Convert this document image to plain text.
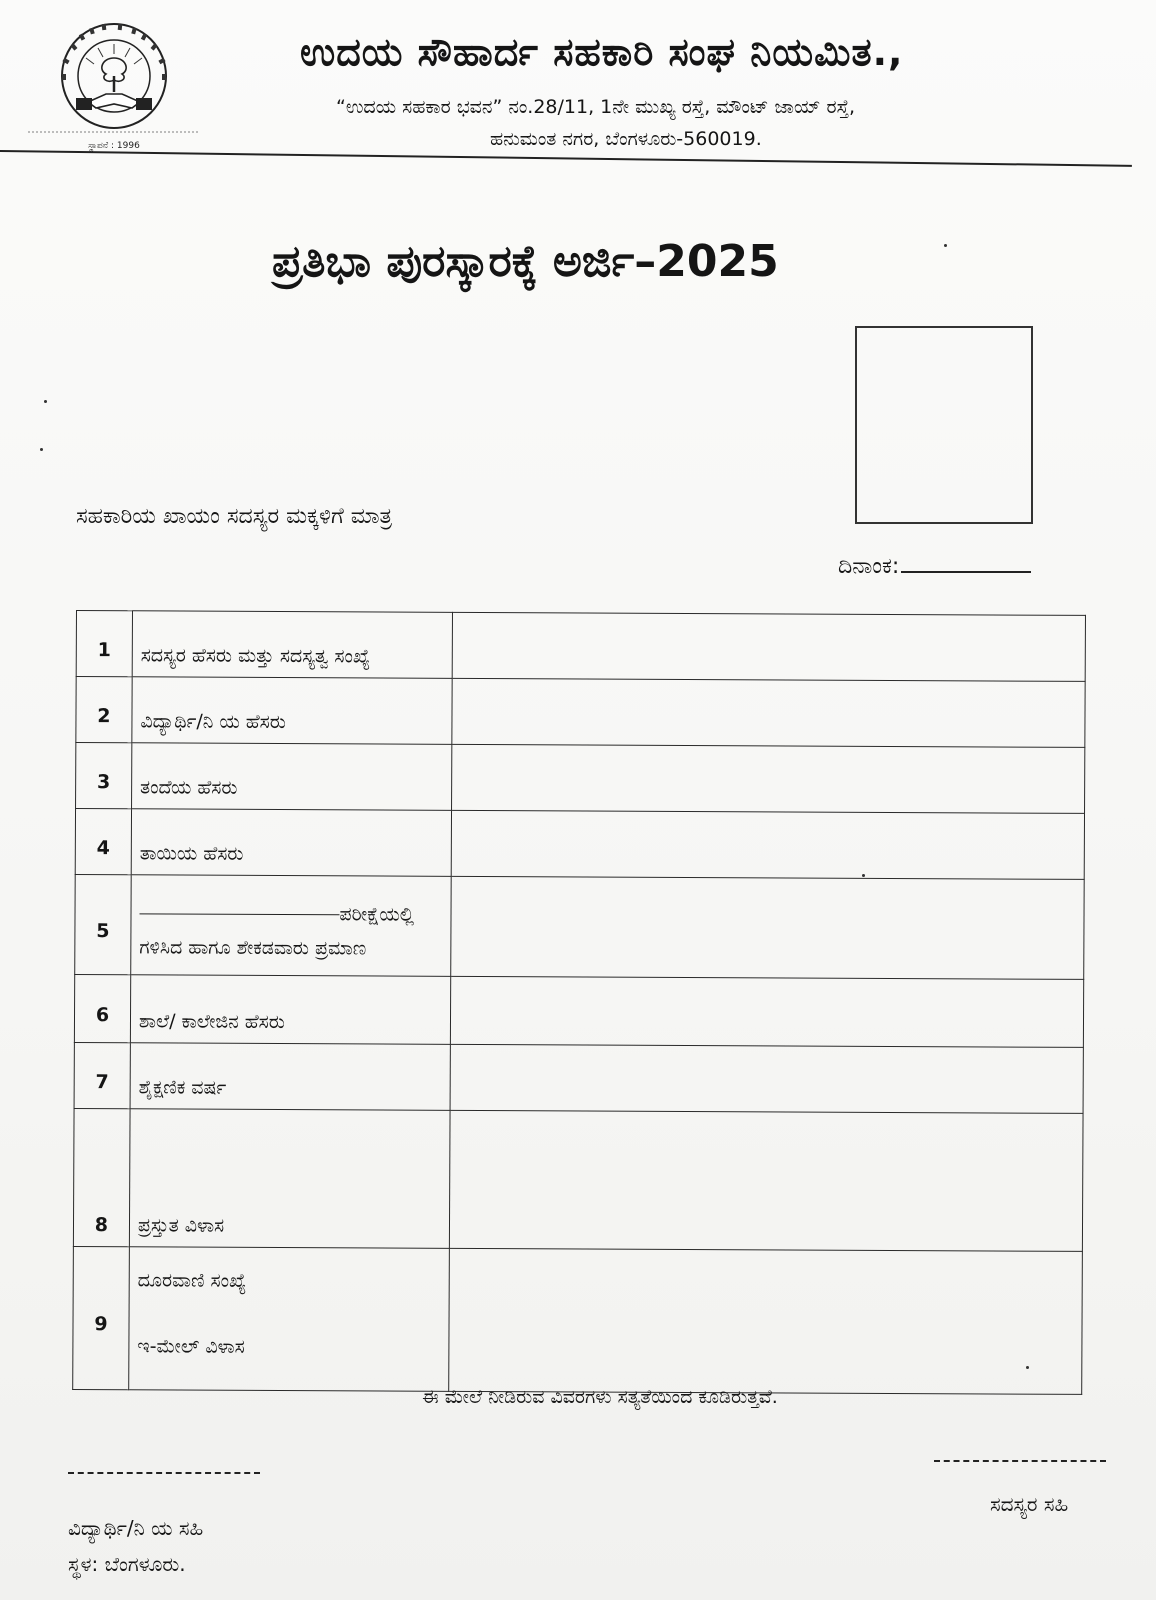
ಸ್ಥಾಪನೆ : 1996
ಉದಯ ಸೌಹಾರ್ದ ಸಹಕಾರಿ ಸಂಘ ನಿಯಮಿತ.,
“ಉದಯ ಸಹಕಾರ ಭವನ” ನಂ.28/11, 1ನೇ ಮುಖ್ಯ ರಸ್ತೆ, ಮೌಂಟ್ ಜಾಯ್ ರಸ್ತೆ,
ಹನುಮಂತ ನಗರ, ಬೆಂಗಳೂರು-560019.
ಪ್ರತಿಭಾ ಪುರಸ್ಕಾರಕ್ಕೆ ಅರ್ಜಿ–2025
ಸಹಕಾರಿಯ ಖಾಯಂ ಸದಸ್ಯರ ಮಕ್ಕಳಿಗೆ ಮಾತ್ರ
ದಿನಾಂಕ:
1	ಸದಸ್ಯರ ಹೆಸರು ಮತ್ತು ಸದಸ್ಯತ್ವ ಸಂಖ್ಯೆ	
2	ವಿದ್ಯಾರ್ಥಿ/ನಿ ಯ ಹೆಸರು	
3	ತಂದೆಯ ಹೆಸರು	
4	ತಾಯಿಯ ಹೆಸರು	
5	ಪರೀಕ್ಷೆಯಲ್ಲಿ
ಗಳಿಸಿದ ಹಾಗೂ ಶೇಕಡವಾರು ಪ್ರಮಾಣ	

6	ಶಾಲೆ/ ಕಾಲೇಜಿನ ಹೆಸರು	
7	ಶೈಕ್ಷಣಿಕ ವರ್ಷ	
8	ಪ್ರಸ್ತುತ ವಿಳಾಸ	
9	ದೂರವಾಣಿ ಸಂಖ್ಯೆ
ಇ-ಮೇಲ್ ವಿಳಾಸ	

ಈ ಮೇಲೆ ನೀಡಿರುವ ವಿವರಗಳು ಸತ್ಯತೆಯಿಂದ ಕೂಡಿರುತ್ತವೆ.
ವಿದ್ಯಾರ್ಥಿ/ನಿ ಯ ಸಹಿ
ಸದಸ್ಯರ ಸಹಿ
ಸ್ಥಳ: ಬೆಂಗಳೂರು.
